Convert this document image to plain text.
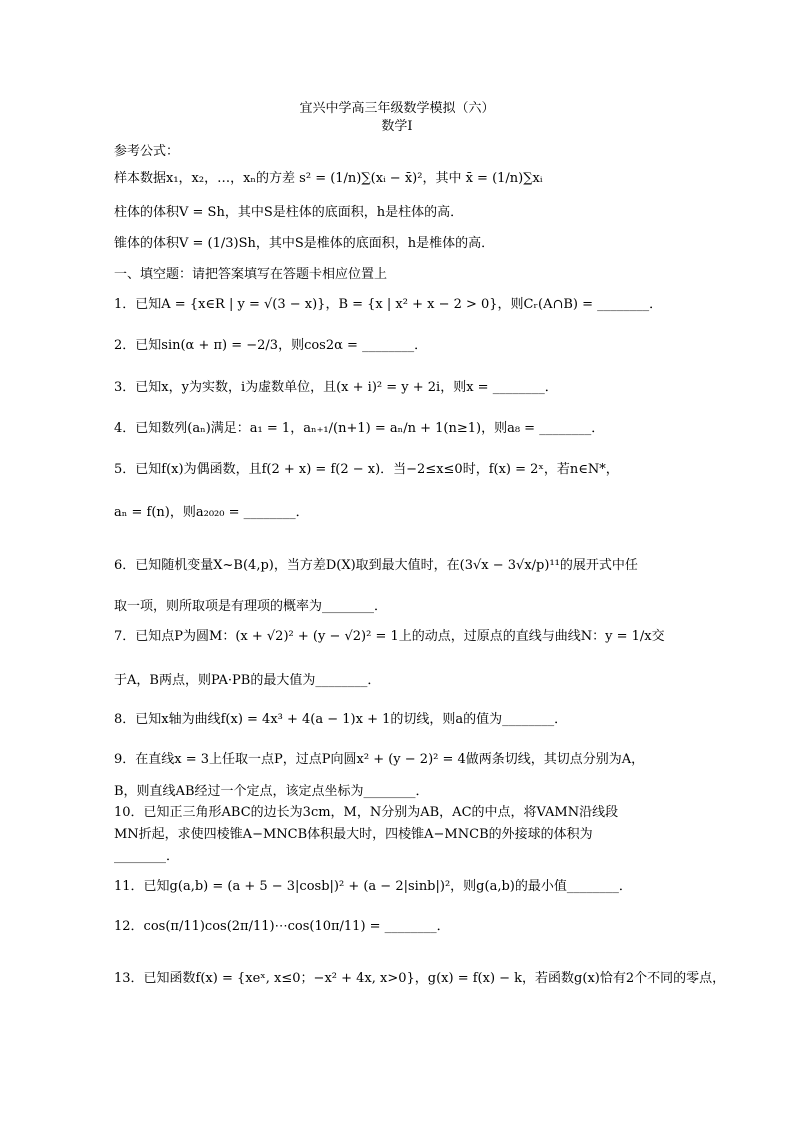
宜兴中学高三年级数学模拟（六）
数学Ⅰ
参考公式：
样本数据x₁，x₂，…，xₙ的方差 s² = (1/n)∑(xᵢ − x̄)²，其中 x̄ = (1/n)∑xᵢ
柱体的体积V = Sh，其中S是柱体的底面积，h是柱体的高．
锥体的体积V = (1/3)Sh，其中S是椎体的底面积，h是椎体的高．
一、填空题：请把答案填写在答题卡相应位置上
1．已知A = {x∈R | y = √(3 − x)}，B = {x | x² + x − 2 > 0}，则Cᵣ(A∩B) = ________．
2．已知sin(α + π) = −2/3，则cos2α = ________．
3．已知x，y为实数，i为虚数单位，且(x + i)² = y + 2i，则x = ________．
4．已知数列(aₙ)满足：a₁ = 1，aₙ₊₁/(n+1) = aₙ/n + 1(n≥1)，则a₈ = ________．
5．已知f(x)为偶函数，且f(2 + x) = f(2 − x)．当−2≤x≤0时，f(x) = 2ˣ，若n∈N*，
aₙ = f(n)，则a₂₀₂₀ = ________．
6．已知随机变量X~B(4,p)，当方差D(X)取到最大值时，在(3√x − 3√x/p)¹¹的展开式中任
取一项，则所取项是有理项的概率为________．
7．已知点P为圆M：(x + √2)² + (y − √2)² = 1上的动点，过原点的直线与曲线N：y = 1/x交
于A，B两点，则PA·PB的最大值为________．
8．已知x轴为曲线f(x) = 4x³ + 4(a − 1)x + 1的切线，则a的值为________．
9．在直线x = 3上任取一点P，过点P向圆x² + (y − 2)² = 4做两条切线，其切点分别为A，
B，则直线AB经过一个定点，该定点坐标为________．
10．已知正三角形ABC的边长为3cm，M，N分别为AB，AC的中点，将VAMN沿线段
MN折起，求使四棱锥A−MNCB体积最大时，四棱锥A−MNCB的外接球的体积为
________．
11．已知g(a,b) = (a + 5 − 3|cosb|)² + (a − 2|sinb|)²，则g(a,b)的最小值________．
12．cos(π/11)cos(2π/11)⋯cos(10π/11) = ________．
13．已知函数f(x) = {xeˣ, x≤0；−x² + 4x, x>0}，g(x) = f(x) − k，若函数g(x)恰有2个不同的零点，
